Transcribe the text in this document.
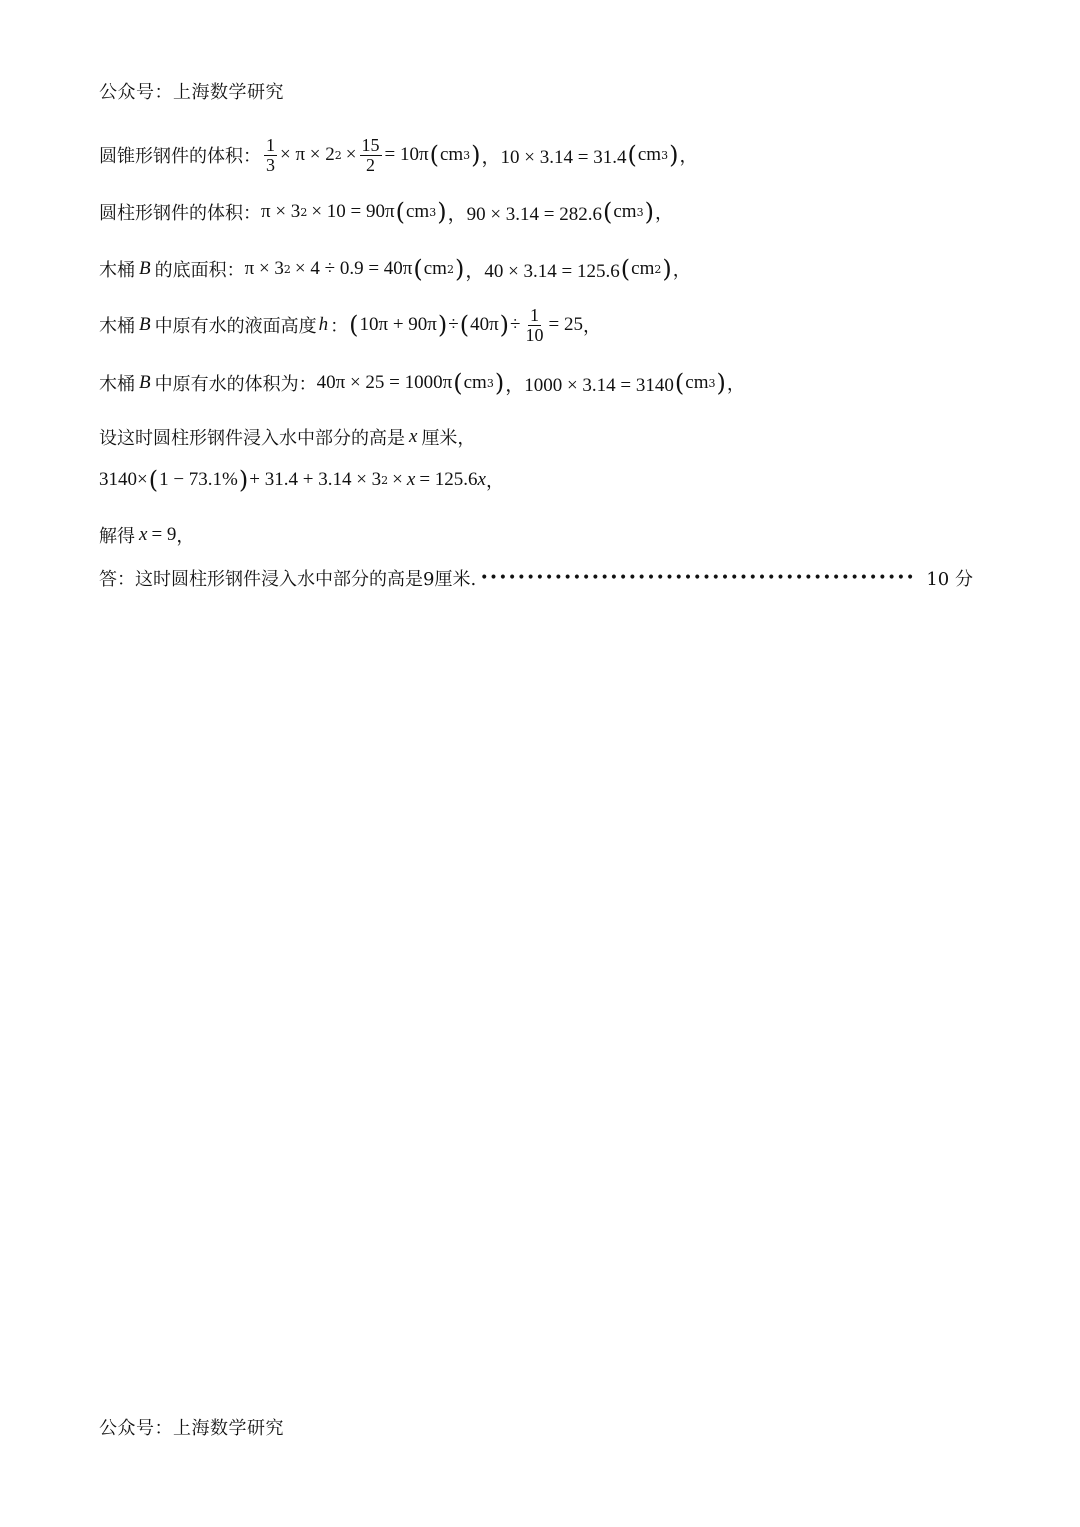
公众号：上海数学研究
圆锥形钢件的体积： $\frac{1}{3} \times \pi \times 2$ $2 \times \frac{15}{2} = 10\pi$ ( cm 3 ) ，10 × 3.14 = 31.4 ( cm 3 ) ，
圆柱形钢件的体积： π × 3 2 × 10 = 90π ( cm 3 ) ，90 × 3.14 = 282.6 ( cm 3 ) ，
木桶 B 的底面积： π × 3 2 × 4 ÷ 0.9 = 40π ( cm 2 ) ，40 × 3.14 = 125.6 ( cm 2 ) ，
木桶 B 中原有水的液面高度 h ： ( 10π + 90π ) ÷ ( 40π ) ÷ $\frac{1}{10} = 25$ ，
木桶 B 中原有水的体积为： 40π × 25 = 1000π ( cm 3 ) ，1000 × 3.14 = 3140 ( cm 3 ) ，
设这时圆柱形钢件浸入水中部分的高是 x 厘米，
3140× ( 1 − 73.1% ) + 31.4 + 3.14 × 3 2 × x = 125.6 x ，
解得 x = 9 ，
答：这时圆柱形钢件浸入水中部分的高是9厘米. ••••••••••••••••••••••••••••••••••••••••••••••• 10 分
公众号：上海数学研究
